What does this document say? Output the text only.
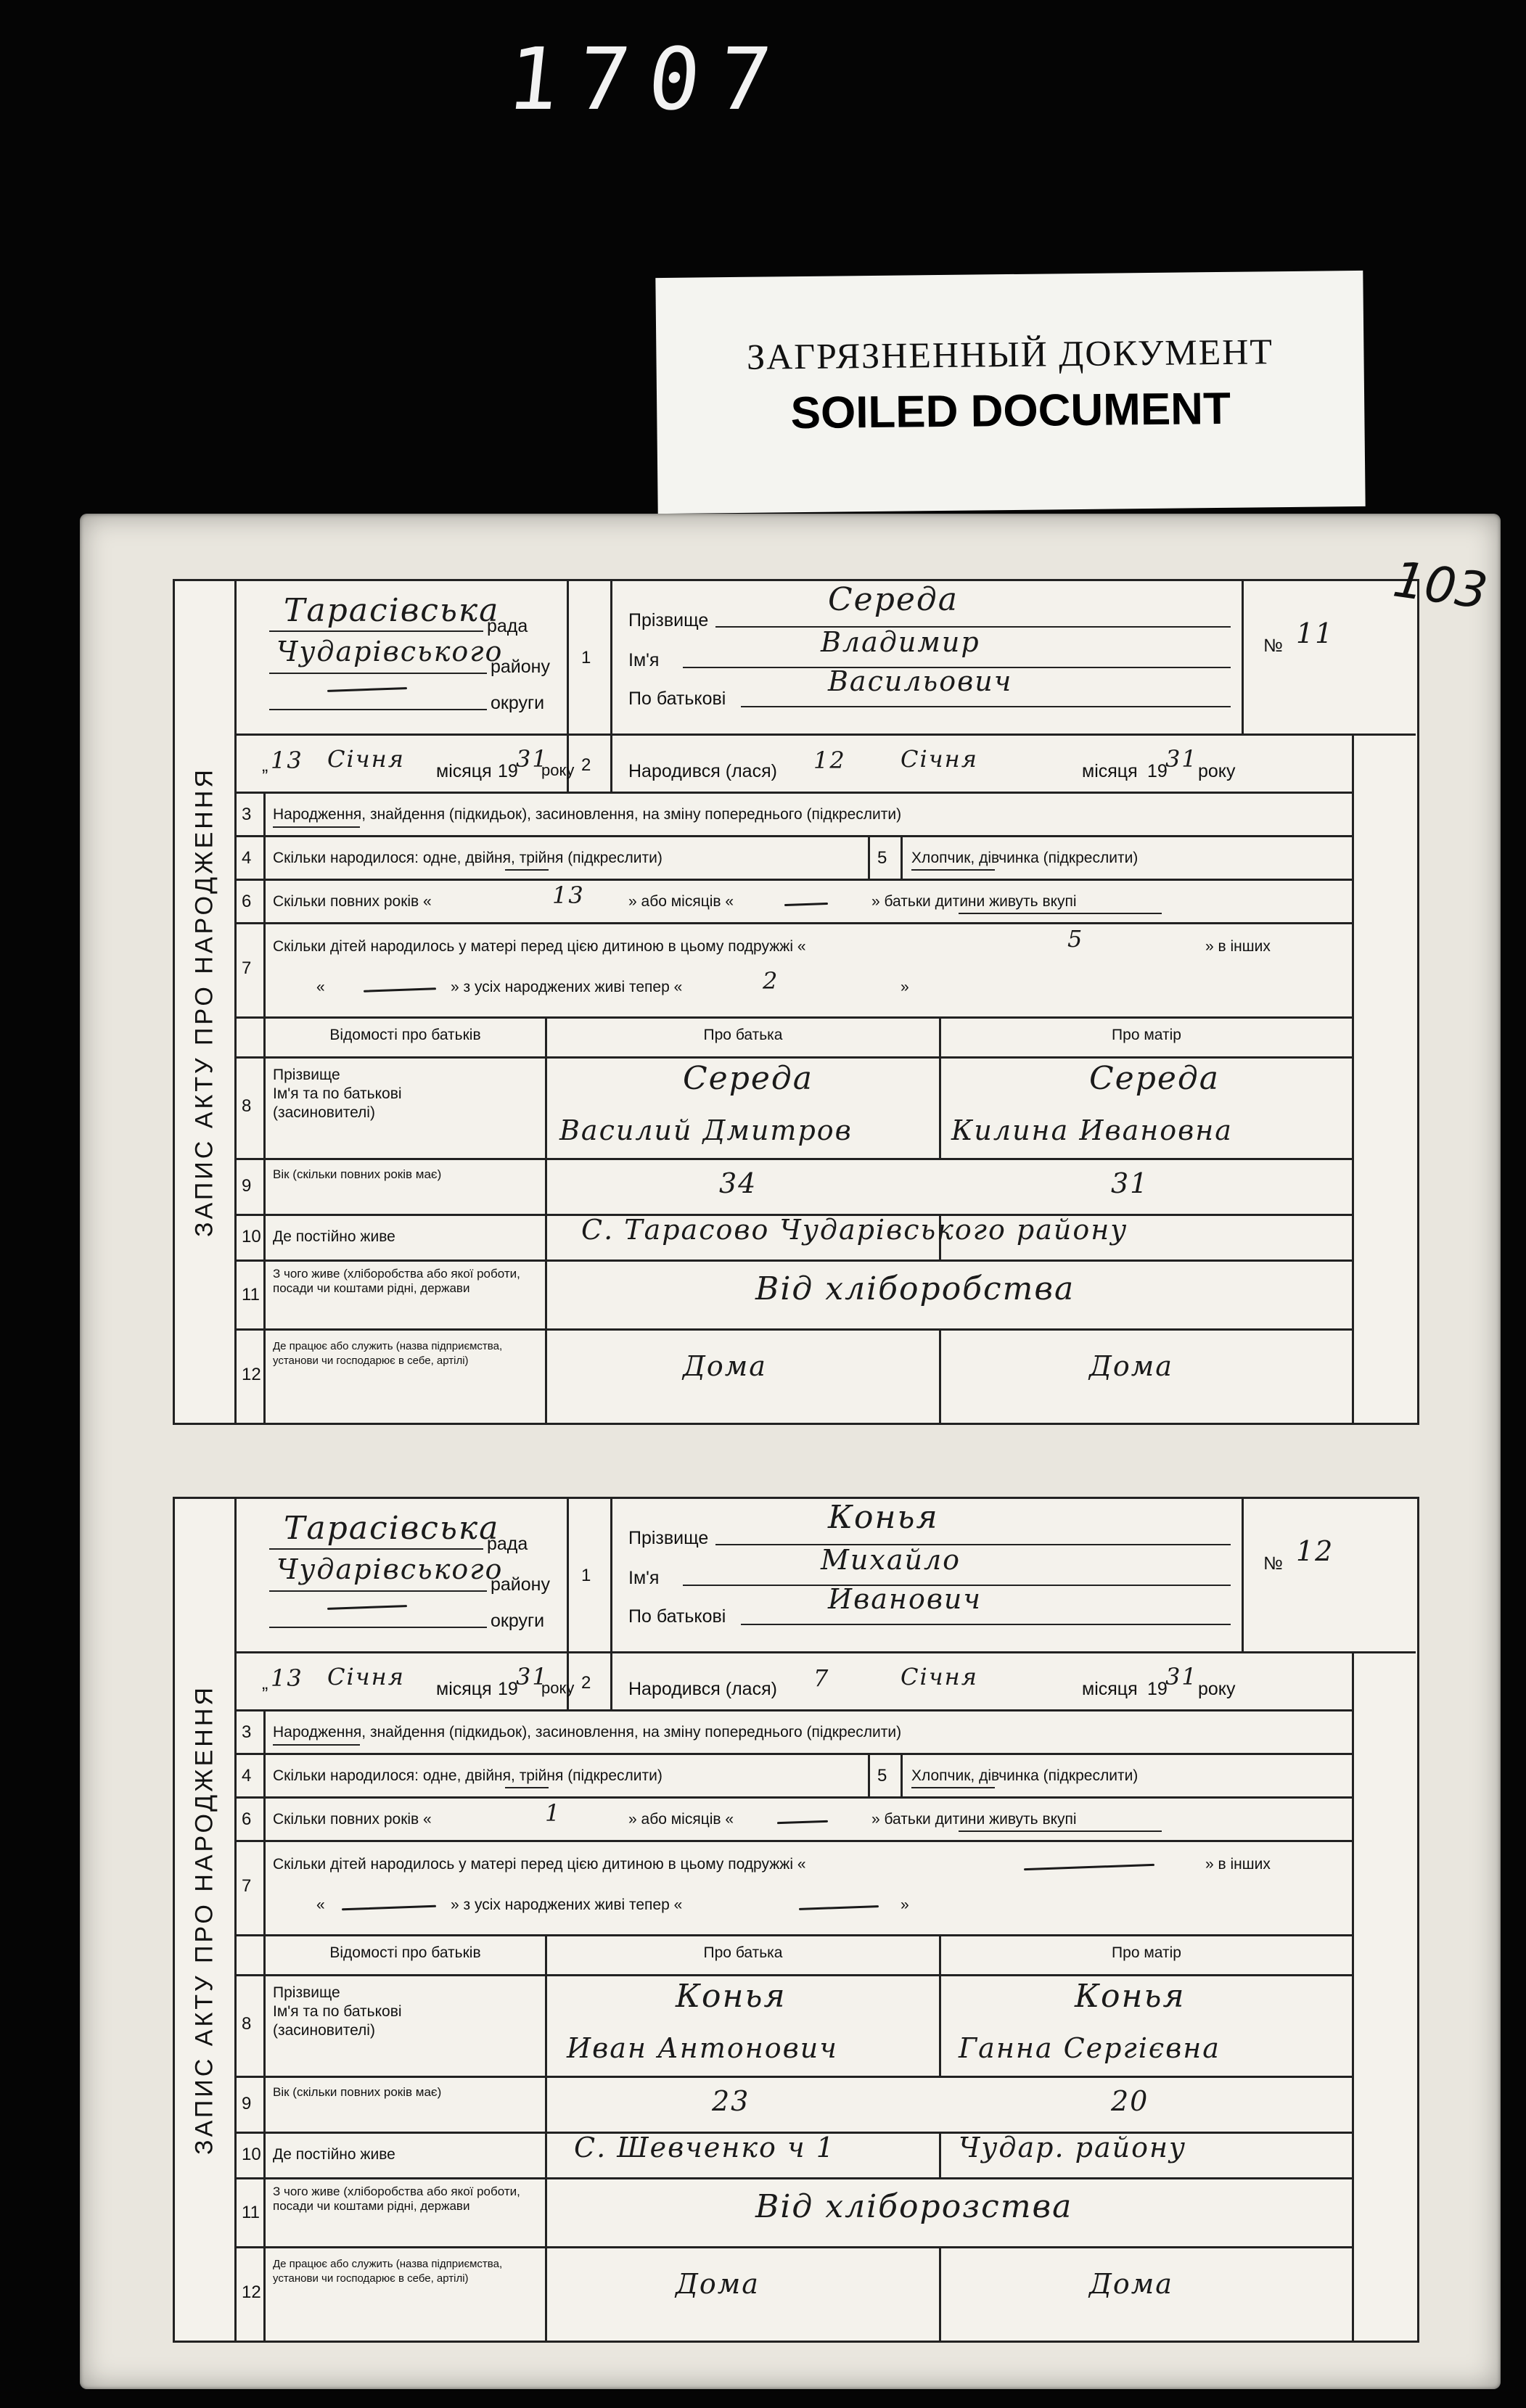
1707
ЗАГРЯЗНЕННЫЙ ДОКУМЕНТ
SOILED DOCUMENT
ЗАПИС АКТУ ПРО НАРОДЖЕННЯ
Тарасівська
рада
Чударівського
району
округи
1
Прізвище
Середа
Ім'я
Владимир
По батькові
Васильович
№ 11
„ 13 Січня місяця 19
31
року 2 Народився (лася) 12 Січня	місяця 19
31 року
3 Народження, знайдення (підкидьок), засиновлення, на зміну попереднього (підкреслити)
4 Скільки народилося: одне, двійня, трійня (підкреслити)	5 Хлопчик, дівчинка (підкреслити)
6 Скільки повних років «	13	» або місяців «	» батьки дитини живуть вкупі
7
Скільки дітей народилось у матері перед цією дитиною в цьому подружжі «	5	» в інших
«	» з усіх народжених живі тепер «	2	»
Відомості про батьків	Про батька	Про матір
8
Прізвище
Ім'я та по батькові
(засиновителі)
Середа	Середа
Василий Дмитров	Килина Ивановна
9
Вік (скільки повних років має)	34	31
10 Де постійно живе	С. Тарасово Чударівського району
11
З чого живе (хліборобства або якої роботи, посади чи коштами рідні, держави	Від хліборобства
12
Де працює або служить (назва підприємства, установи чи господарює в себе, артілі)	Дома	Дома
ЗАПИС АКТУ ПРО НАРОДЖЕННЯ
Тарасівська
рада
Чударівського
району
округи
1
Прізвище
Конья
Ім'я
Михайло
По батькові
Иванович
№ 12
„ 13 Січня місяця 19
31
року 2 Народився (лася) 7	Січня	місяця 19
31 року
3 Народження, знайдення (підкидьок), засиновлення, на зміну попереднього (підкреслити)
4 Скільки народилося: одне, двійня, трійня (підкреслити)	5 Хлопчик, дівчинка (підкреслити)
6 Скільки повних років «	1	» або місяців «	» батьки дитини живуть вкупі
7
Скільки дітей народилось у матері перед цією дитиною в цьому подружжі «	» в інших
«	» з усіх народжених живі тепер «	»
Відомості про батьків	Про батька	Про матір
8
Прізвище
Ім'я та по батькові
(засиновителі)
Конья	Конья
Иван Антонович	Ганна Сергієвна
9
Вік (скільки повних років має)	23	20
10 Де постійно живе	С. Шевченко ч 1	Чудар. району
11
З чого живе (хліборобства або якої роботи, посади чи коштами рідні, держави	Від хліборозства
12
Де працює або служить (назва підприємства, установи чи господарює в себе, артілі)	Дома	Дома
103
